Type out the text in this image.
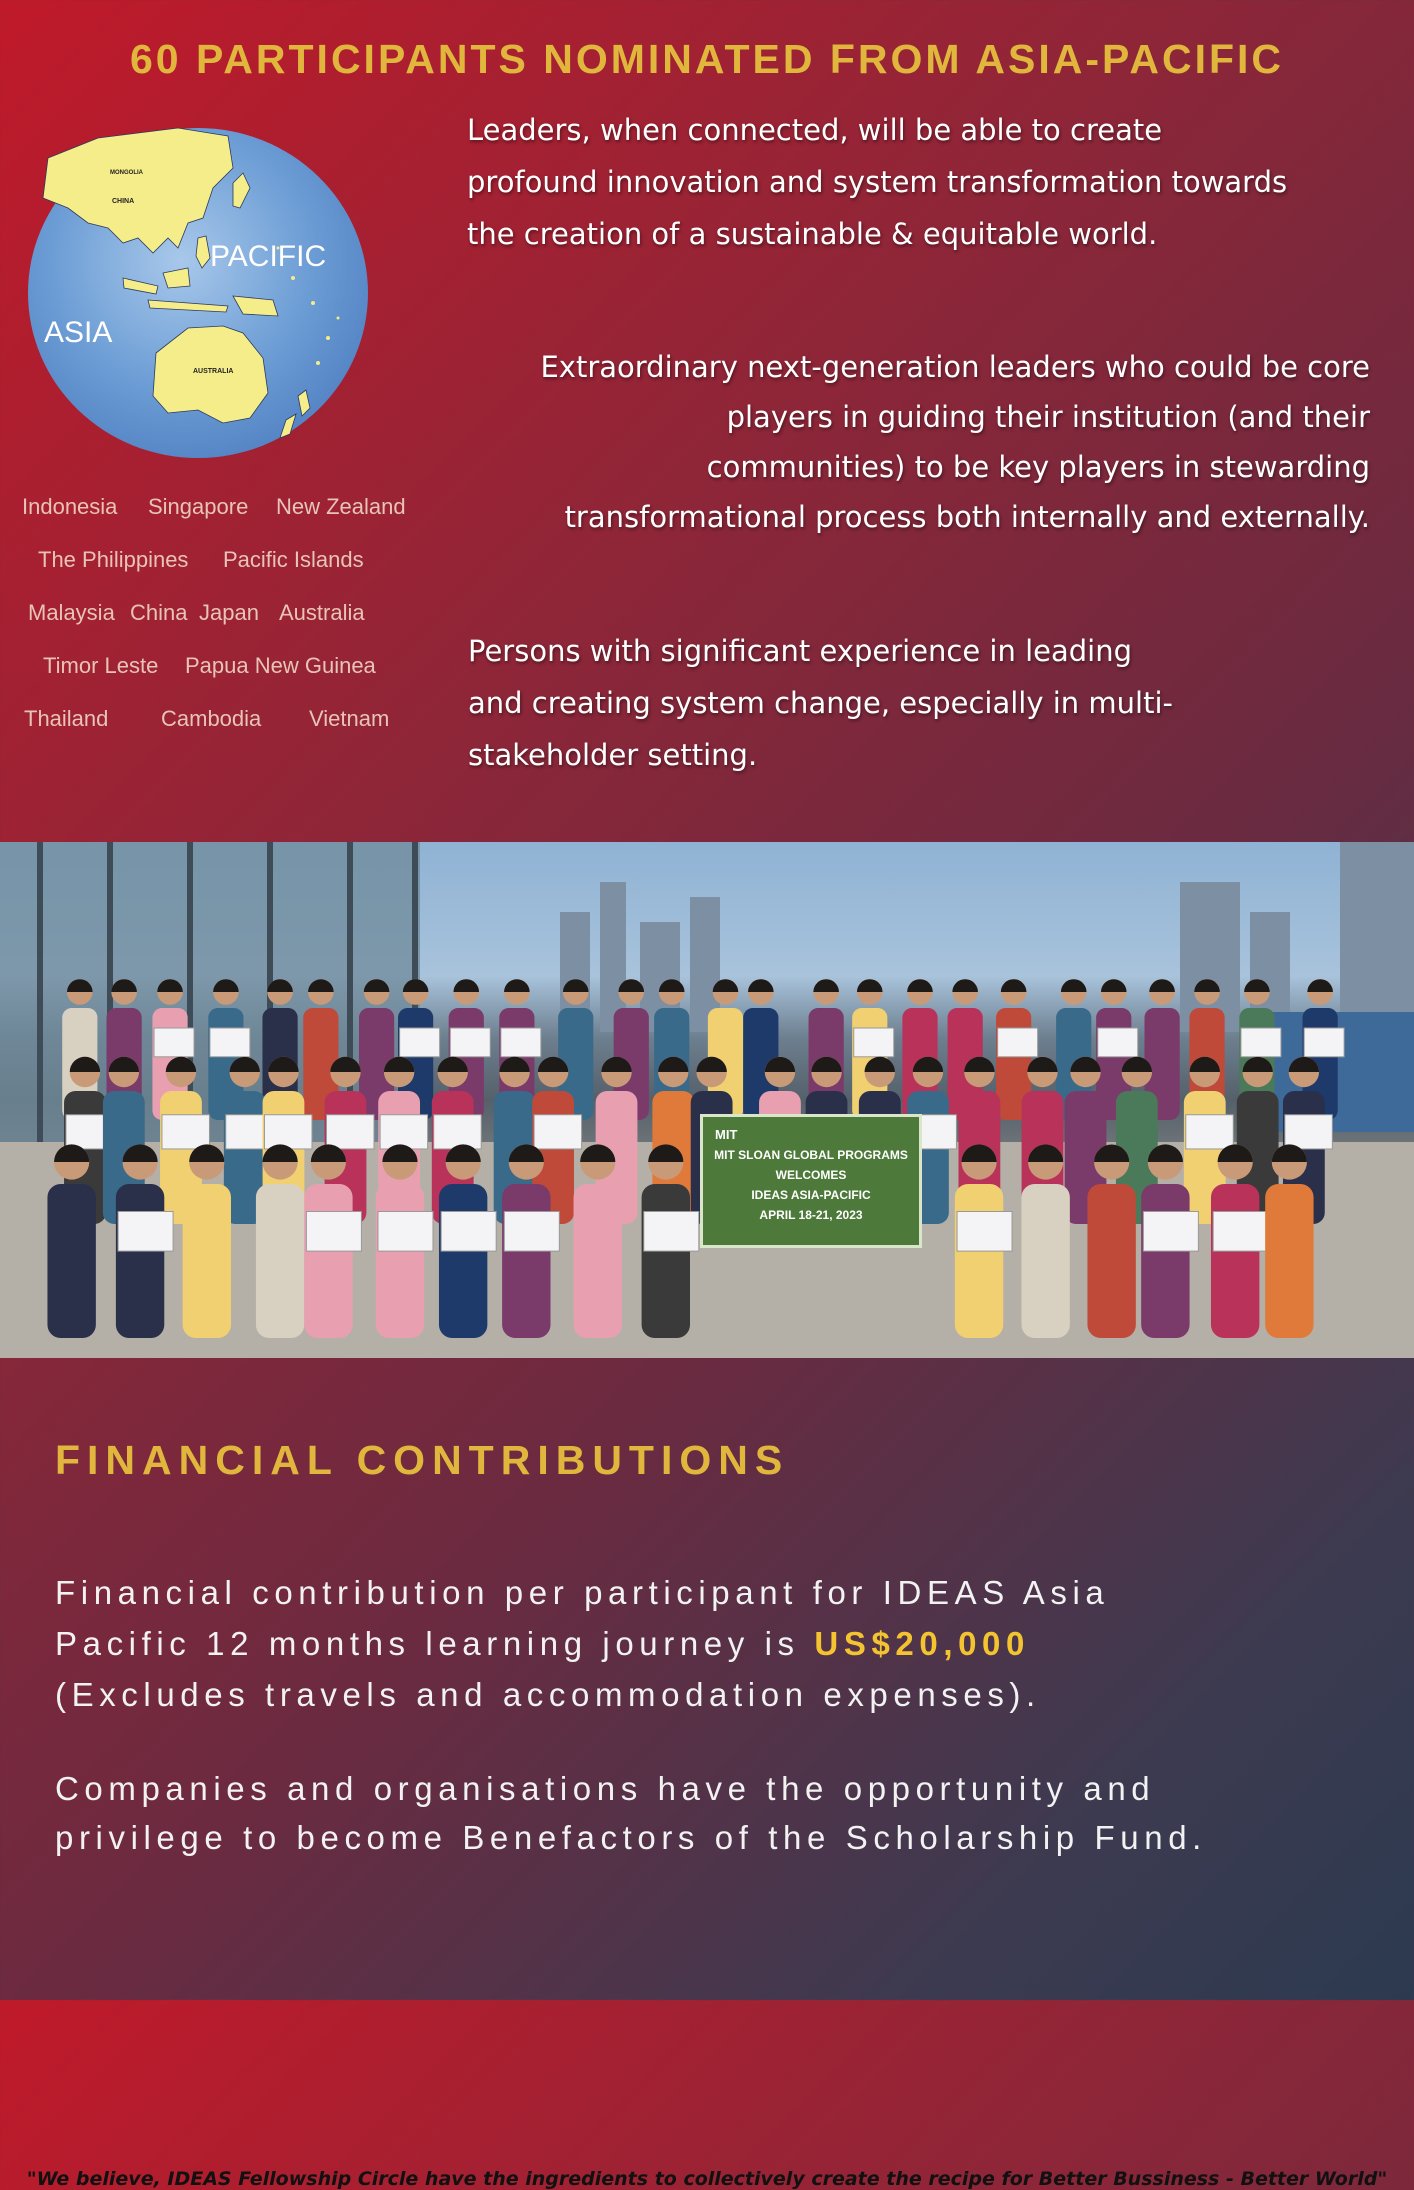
60 PARTICIPANTS NOMINATED FROM ASIA-PACIFIC
MONGOLIA
CHINA
PACIFIC
ASIA
AUSTRALIA
Indonesia Singapore New Zealand
The Philippines Pacific Islands
Malaysia China Japan Australia
Timor Leste Papua New Guinea
Thailand Cambodia Vietnam

Leaders, when connected, will be able to create
profound innovation and system transformation towards
the creation of a sustainable & equitable world.

Extraordinary next-generation leaders who could be core
players in guiding their institution (and their
communities) to be key players in stewarding
transformational process both internally and externally.

Persons with significant experience in leading
and creating system change, especially in multi-
stakeholder setting.

MIT
MIT SLOAN GLOBAL PROGRAMS
WELCOMES
IDEAS ASIA-PACIFIC
APRIL 18-21, 2023

"We believe, IDEAS Fellowship Circle have the ingredients to collectively create the recipe for Better Bussiness - Better World"

FINANCIAL CONTRIBUTIONS

Financial contribution per participant for IDEAS Asia
Pacific 12 months learning journey is US$20,000
(Excludes travels and accommodation expenses).

Companies and organisations have the opportunity and
privilege to become Benefactors of the Scholarship Fund.
